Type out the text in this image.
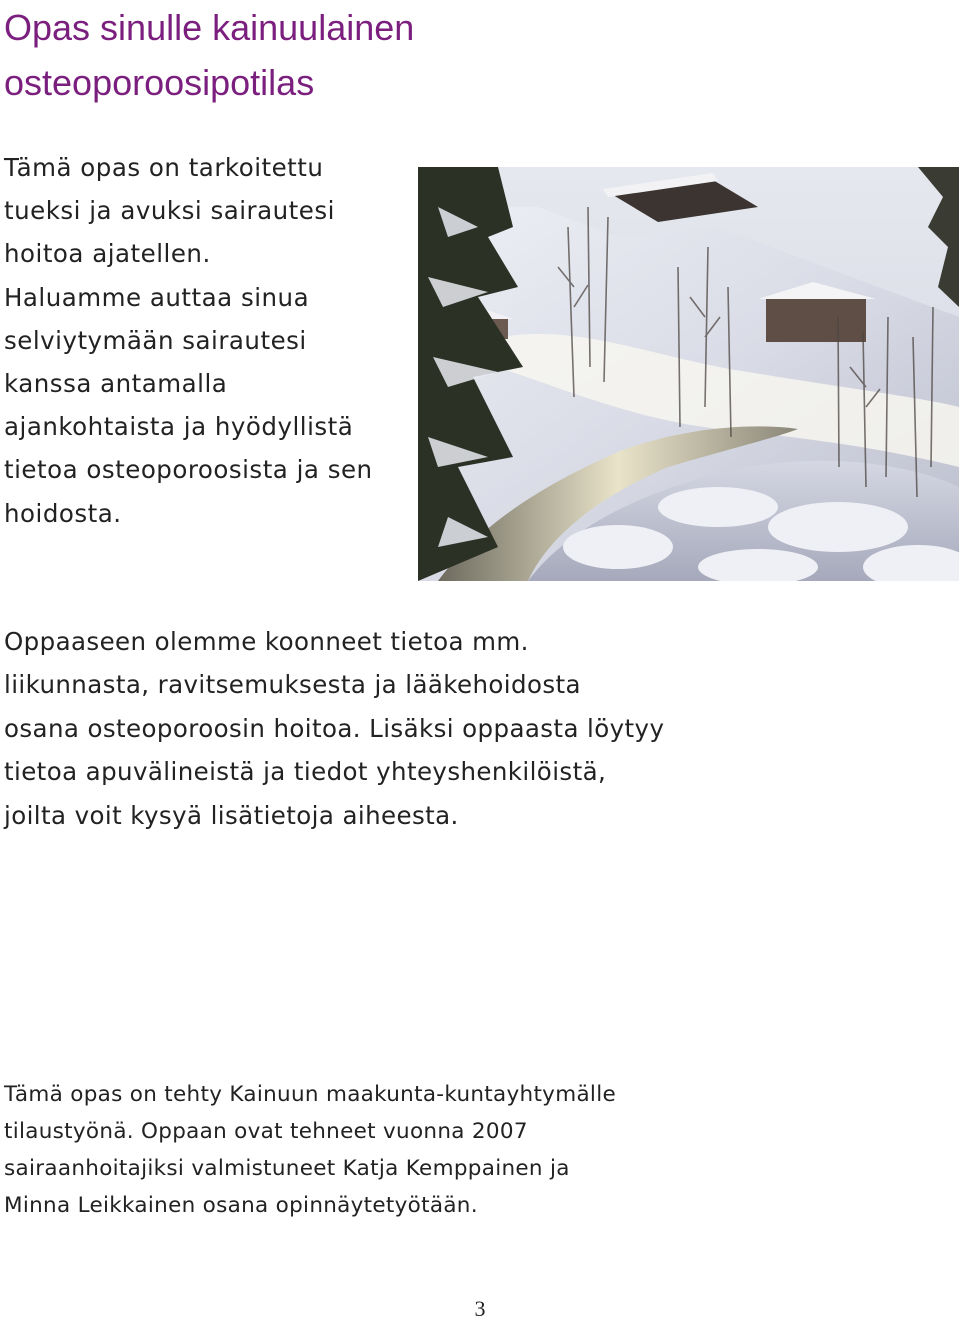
Opas sinulle kainuulainen
osteoporoosipotilas
Tämä opas on tarkoitettu
tueksi ja avuksi sairautesi
hoitoa ajatellen.
Haluamme auttaa sinua
selviytymään sairautesi
kanssa antamalla
ajankohtaista ja hyödyllistä
tietoa osteoporoosista ja sen
hoidosta.
Oppaaseen olemme koonneet tietoa mm.
liikunnasta, ravitsemuksesta ja lääkehoidosta
osana osteoporoosin hoitoa. Lisäksi oppaasta löytyy
tietoa apuvälineistä ja tiedot yhteyshenkilöistä,
joilta voit kysyä lisätietoja aiheesta.
Tämä opas on tehty Kainuun maakunta-kuntayhtymälle
tilaustyönä. Oppaan ovat tehneet vuonna 2007
sairaanhoitajiksi valmistuneet Katja Kemppainen ja
Minna Leikkainen osana opinnäytetyötään.
3
